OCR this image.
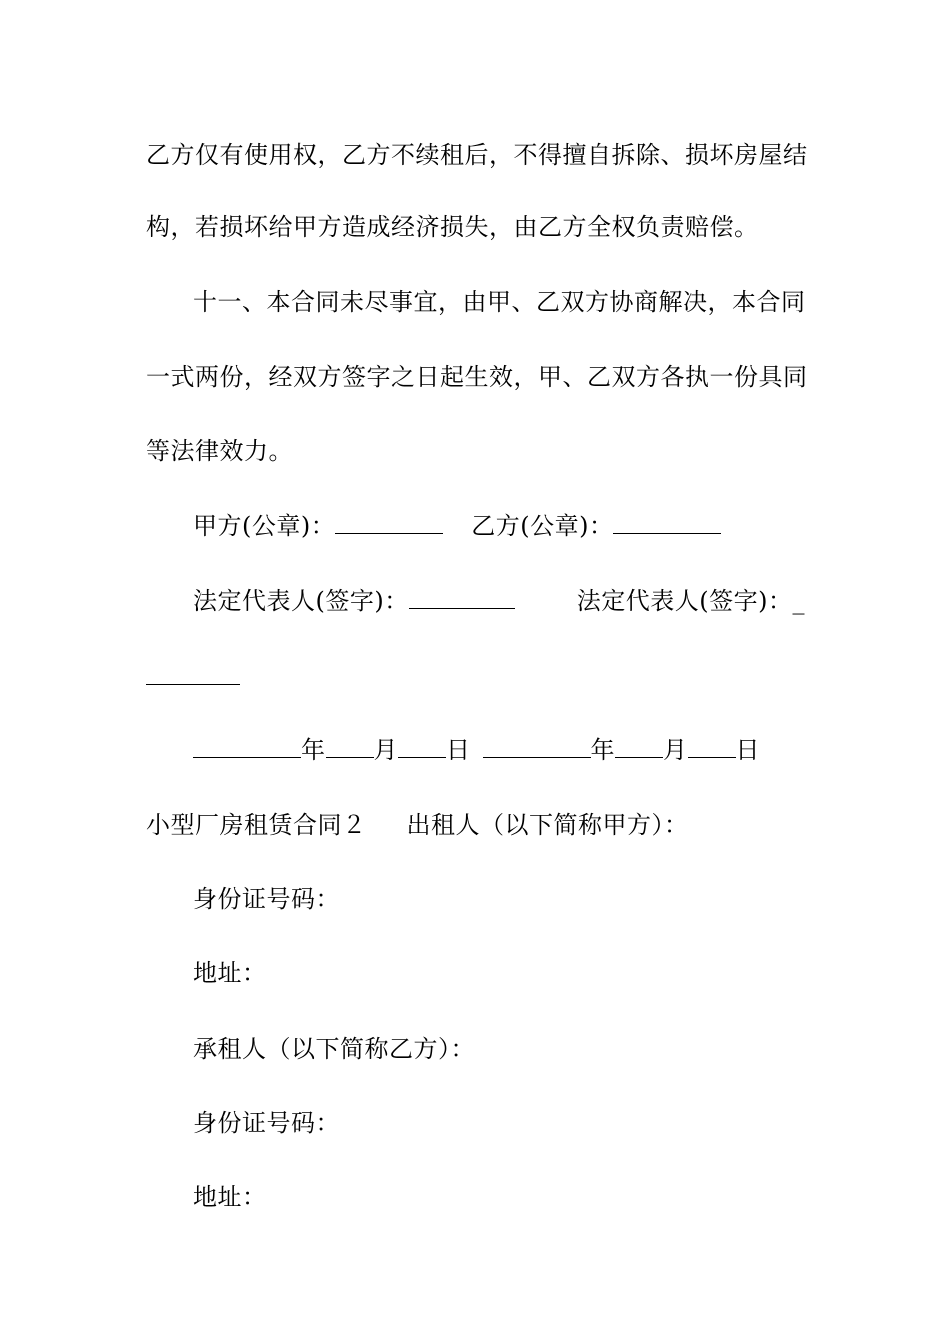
乙方仅有使用权，乙方不续租后，不得擅自拆除、损坏房屋结
构，若损坏给甲方造成经济损失，由乙方全权负责赔偿。
十一、本合同未尽事宜，由甲、乙双方协商解决，本合同
一式两份，经双方签字之日起生效，甲、乙双方各执一份具同
等法律效力。
甲方(公章)：	乙方(公章)：
法定代表人(签字)：	法定代表人(签字)：_
年 月 日	年 月 日
小型厂房租赁合同２ 出租人（以下简称甲方）：
身份证号码：
地址：
承租人（以下简称乙方）：
身份证号码：
地址：
